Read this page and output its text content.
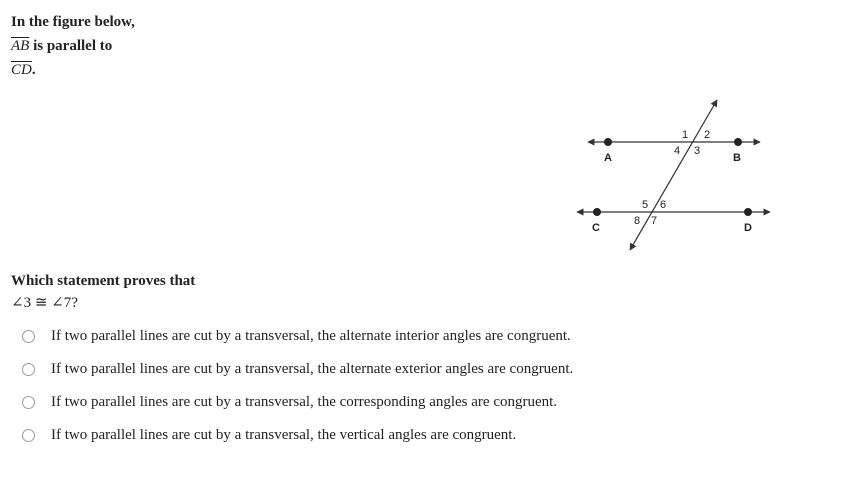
In the figure below,
$\overline{AB}$ is parallel to
$\overline{CD}$.
A	B
C	D
1 2
3
4
5 6
7
8
Which statement proves that
∠3 ≅ ∠7?
If two parallel lines are cut by a transversal, the alternate interior angles are congruent.
If two parallel lines are cut by a transversal, the alternate exterior angles are congruent.
If two parallel lines are cut by a transversal, the corresponding angles are congruent.
If two parallel lines are cut by a transversal, the vertical angles are congruent.
